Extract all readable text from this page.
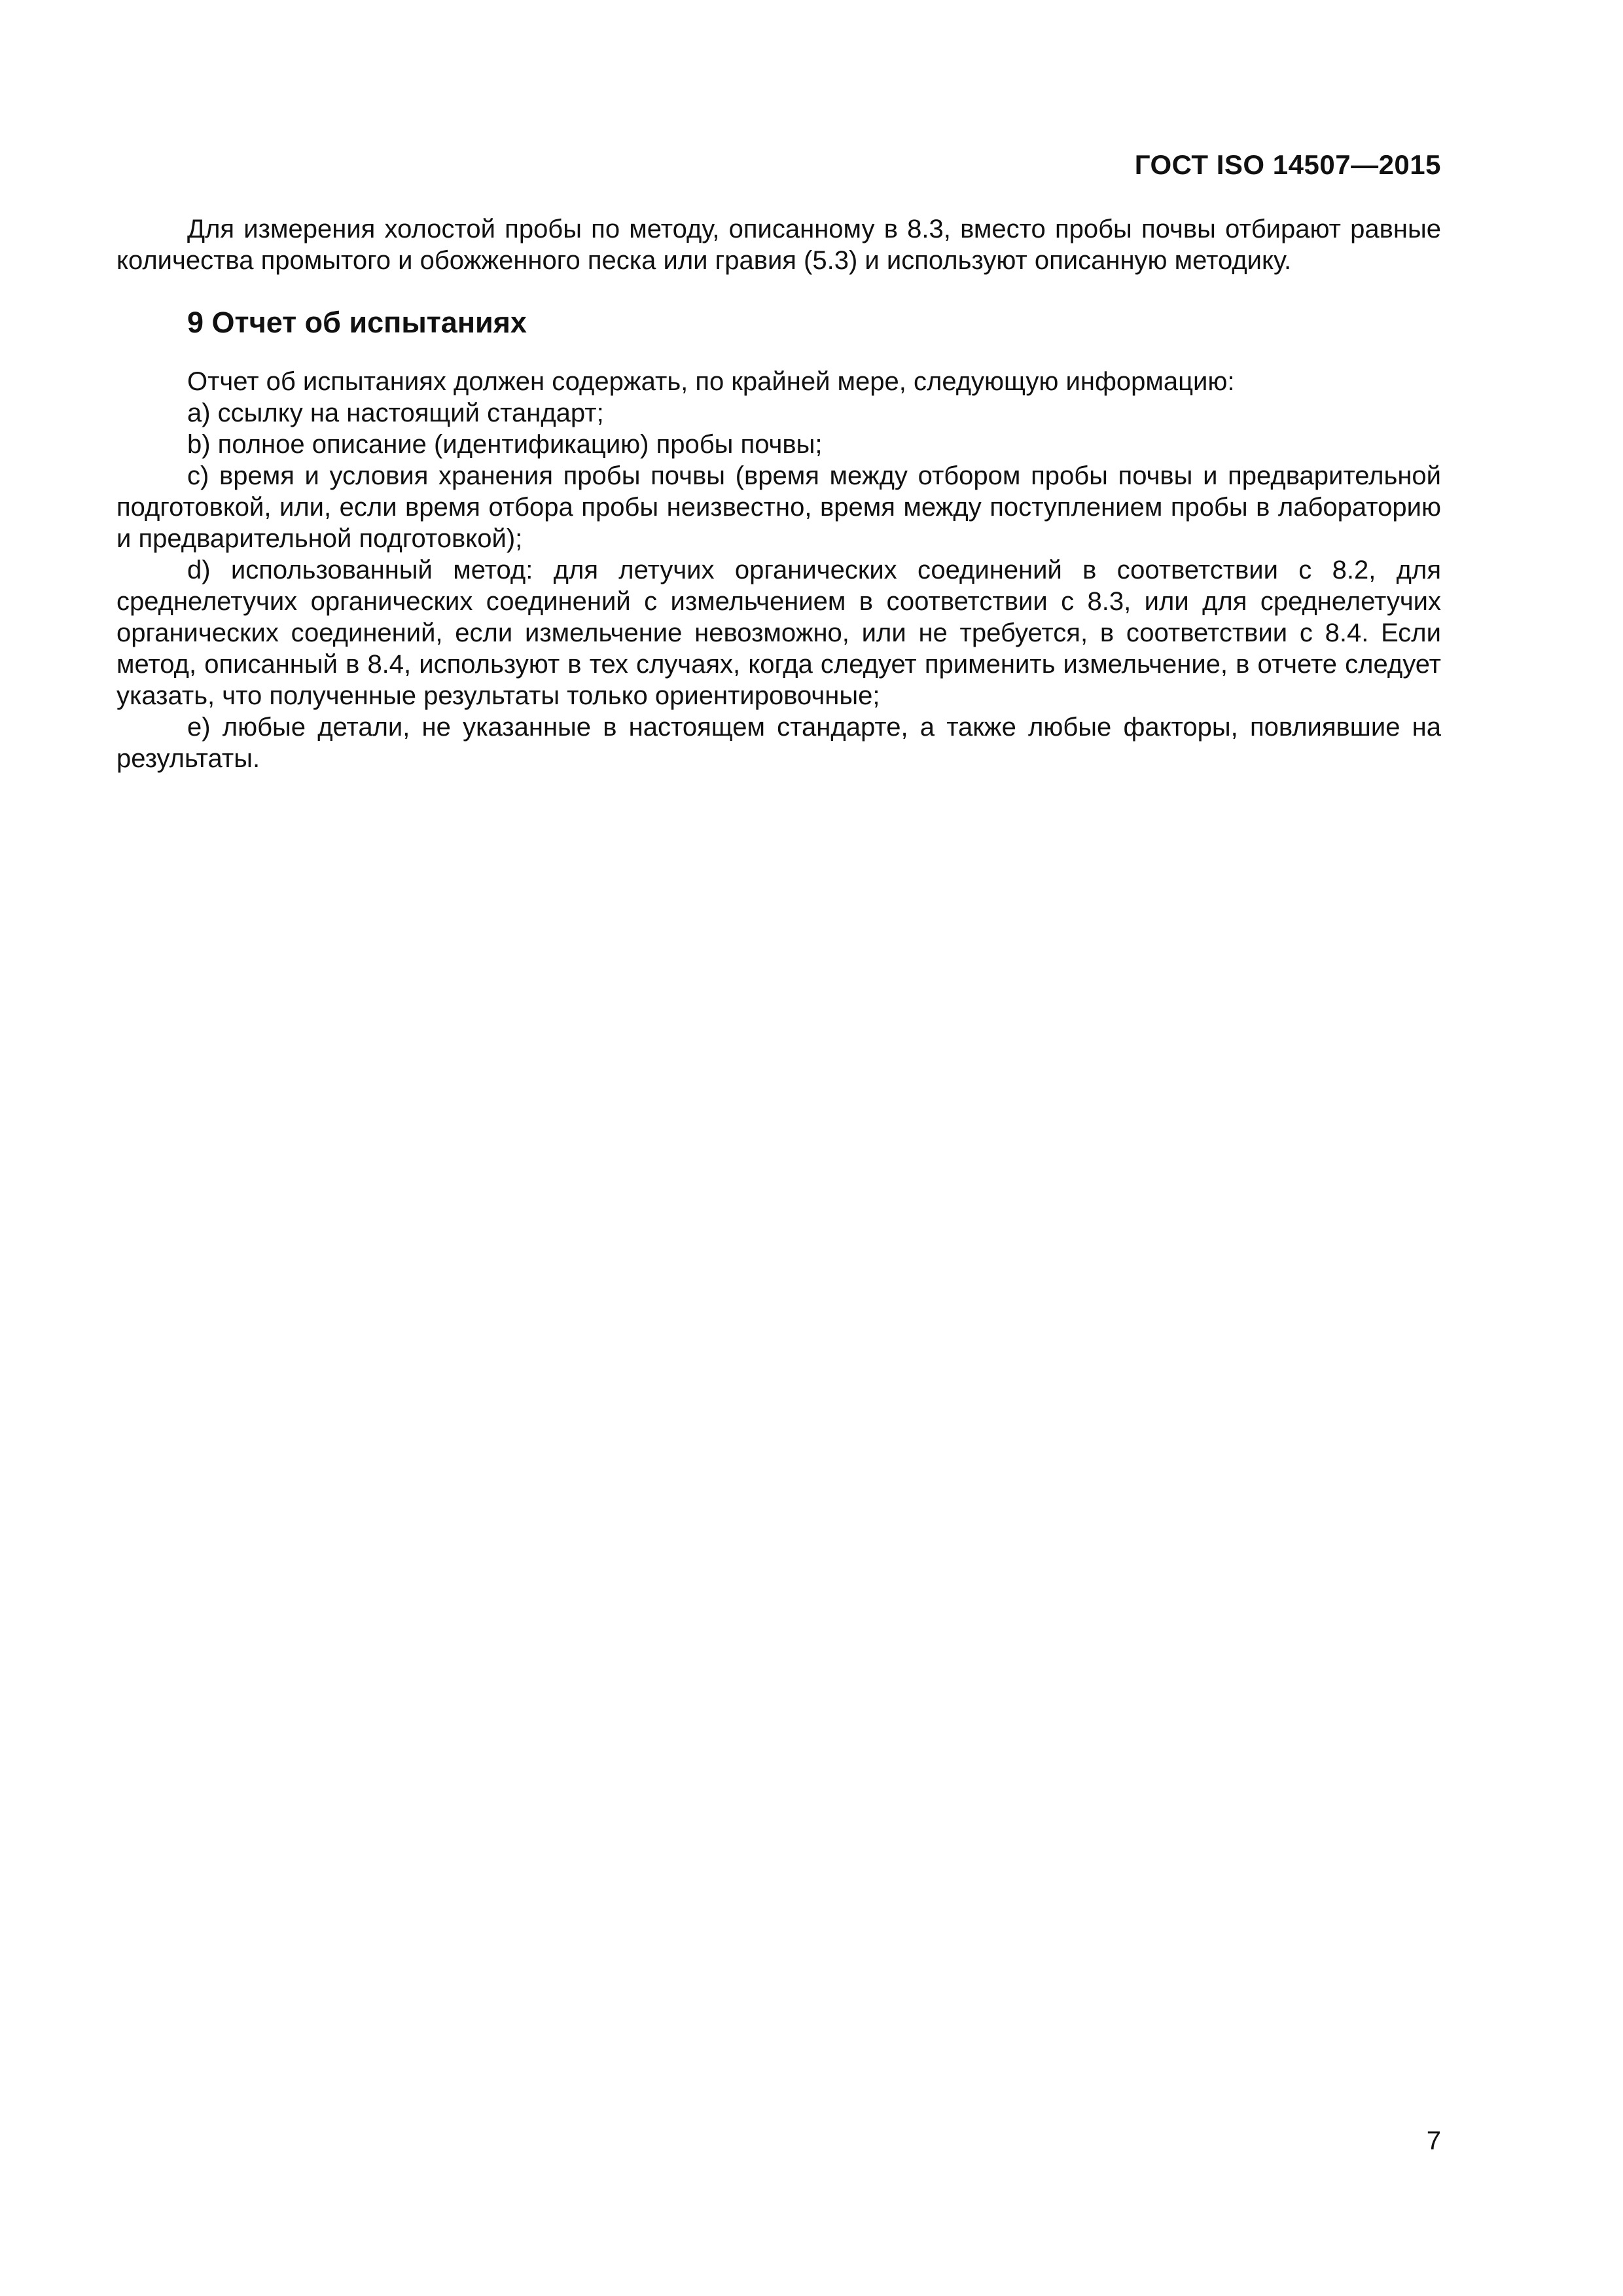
ГОСТ ISO 14507—2015

Для измерения холостой пробы по методу, описанному в 8.3, вместо пробы почвы отбирают равные количества промытого и обожженного песка или гравия (5.3) и используют описанную методику.

9 Отчет об испытаниях

Отчет об испытаниях должен содержать, по крайней мере, следующую информацию:

a) ссылку на настоящий стандарт;

b) полное описание (идентификацию) пробы почвы;

c) время и условия хранения пробы почвы (время между отбором пробы почвы и предварительной подготовкой, или, если время отбора пробы неизвестно, время между поступлением пробы в лабораторию и предварительной подготовкой);

d) использованный метод: для летучих органических соединений в соответствии с 8.2, для среднелетучих органических соединений с измельчением в соответствии с 8.3, или для среднелетучих органических соединений, если измельчение невозможно, или не требуется, в соответствии с 8.4. Если метод, описанный в 8.4, используют в тех случаях, когда следует применить измельчение, в отчете следует указать, что полученные результаты только ориентировочные;

e) любые детали, не указанные в настоящем стандарте, а также любые факторы, повлиявшие на результаты.

7
